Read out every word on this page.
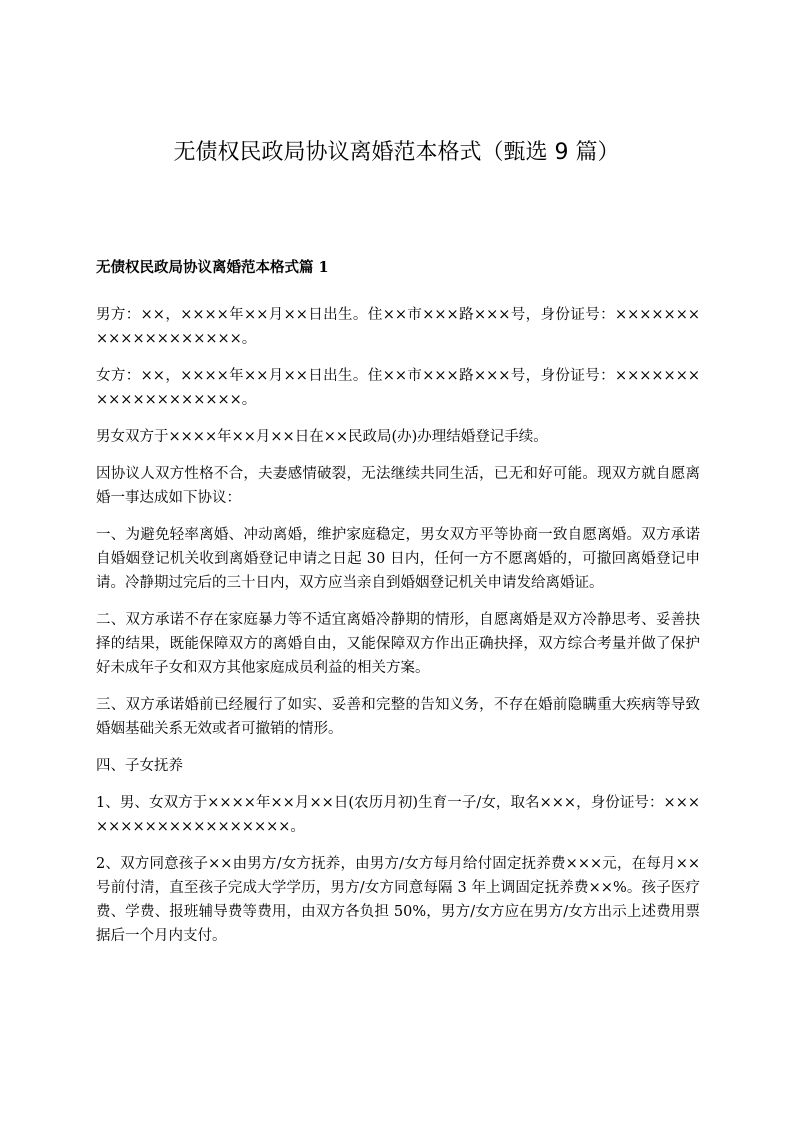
无债权民政局协议离婚范本格式（甄选 9 篇）
无债权民政局协议离婚范本格式篇 1

男方：××，××××年××月××日出生。住××市×××路×××号，身份证号：×××××××××××××××××××。

女方：××，××××年××月××日出生。住××市×××路×××号，身份证号：×××××××××××××××××××。

男女双方于××××年××月××日在××民政局(办)办理结婚登记手续。

因协议人双方性格不合，夫妻感情破裂，无法继续共同生活，已无和好可能。现双方就自愿离婚一事达成如下协议：

一、为避免轻率离婚、冲动离婚，维护家庭稳定，男女双方平等协商一致自愿离婚。双方承诺自婚姻登记机关收到离婚登记申请之日起 30 日内，任何一方不愿离婚的，可撤回离婚登记申请。冷静期过完后的三十日内，双方应当亲自到婚姻登记机关申请发给离婚证。

二、双方承诺不存在家庭暴力等不适宜离婚冷静期的情形，自愿离婚是双方冷静思考、妥善抉择的结果，既能保障双方的离婚自由，又能保障双方作出正确抉择，双方综合考量并做了保护好未成年子女和双方其他家庭成员利益的相关方案。

三、双方承诺婚前已经履行了如实、妥善和完整的告知义务，不存在婚前隐瞒重大疾病等导致婚姻基础关系无效或者可撤销的情形。

四、子女抚养

1、男、女双方于××××年××月××日(农历月初)生育一子/女，取名×××，身份证号：×××××××××××××××××××。

2、双方同意孩子××由男方/女方抚养，由男方/女方每月给付固定抚养费×××元，在每月××号前付清，直至孩子完成大学学历，男方/女方同意每隔 3 年上调固定抚养费××%。孩子医疗费、学费、报班辅导费等费用，由双方各负担 50%，男方/女方应在男方/女方出示上述费用票据后一个月内支付。
